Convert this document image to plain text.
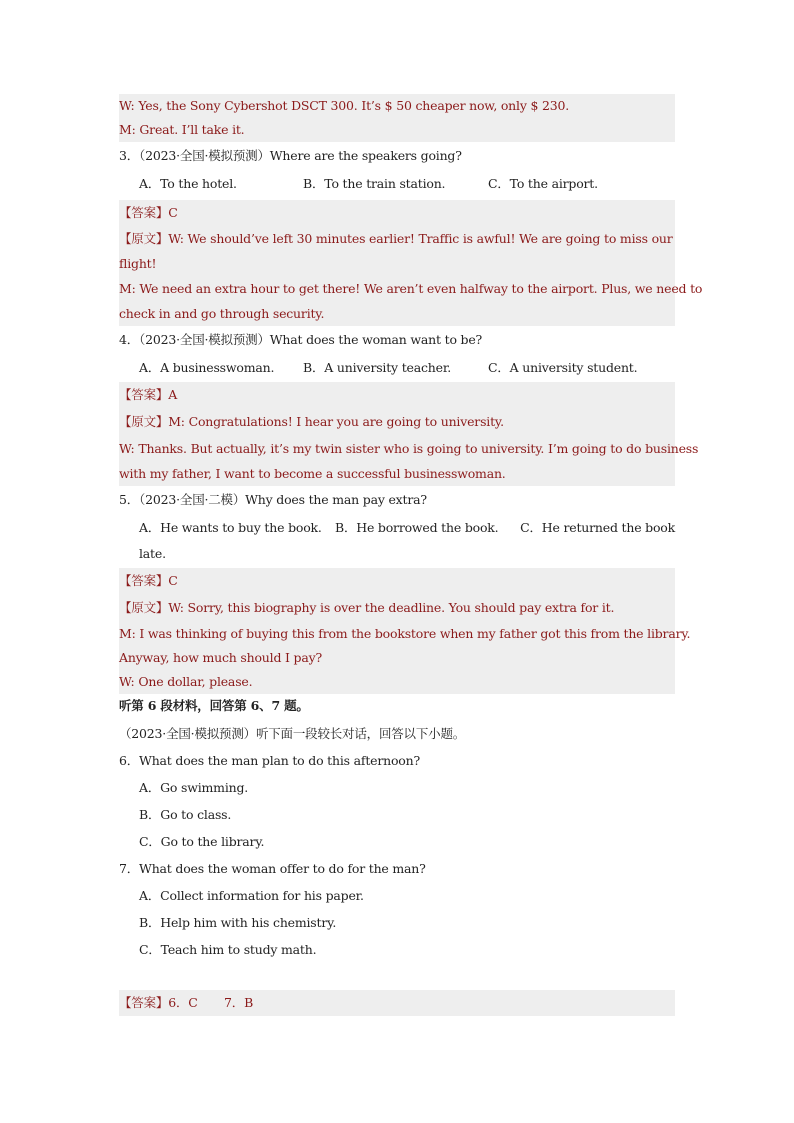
W: Yes, the Sony Cybershot DSCT 300. It’s $ 50 cheaper now, only $ 230.
M: Great. I’ll take it.
3．（2023·全国·模拟预测）Where are the speakers going?
A．To the hotel.	B．To the train station.	C．To the airport.
【答案】C
【原文】W: We should’ve left 30 minutes earlier! Traffic is awful! We are going to miss our
flight!
M: We need an extra hour to get there! We aren’t even halfway to the airport. Plus, we need to
check in and go through security.
4．（2023·全国·模拟预测）What does the woman want to be?
A．A businesswoman.	B．A university teacher.	C．A university student.
【答案】A
【原文】M: Congratulations! I hear you are going to university.
W: Thanks. But actually, it’s my twin sister who is going to university. I’m going to do business
with my father, I want to become a successful businesswoman.
5．（2023·全国·二模）Why does the man pay extra?
A．He wants to buy the book.	B．He borrowed the book.	C．He returned the book
late.
【答案】C
【原文】W: Sorry, this biography is over the deadline. You should pay extra for it.
M: I was thinking of buying this from the bookstore when my father got this from the library.
Anyway, how much should I pay?
W: One dollar, please.
听第 6 段材料，回答第 6、7 题。
（2023·全国·模拟预测）听下面一段较长对话，回答以下小题。
6．What does the man plan to do this afternoon?
A．Go swimming.
B．Go to class.
C．Go to the library.
7．What does the woman offer to do for the man?
A．Collect information for his paper.
B．Help him with his chemistry.
C．Teach him to study math.
【答案】6．C       7．B
